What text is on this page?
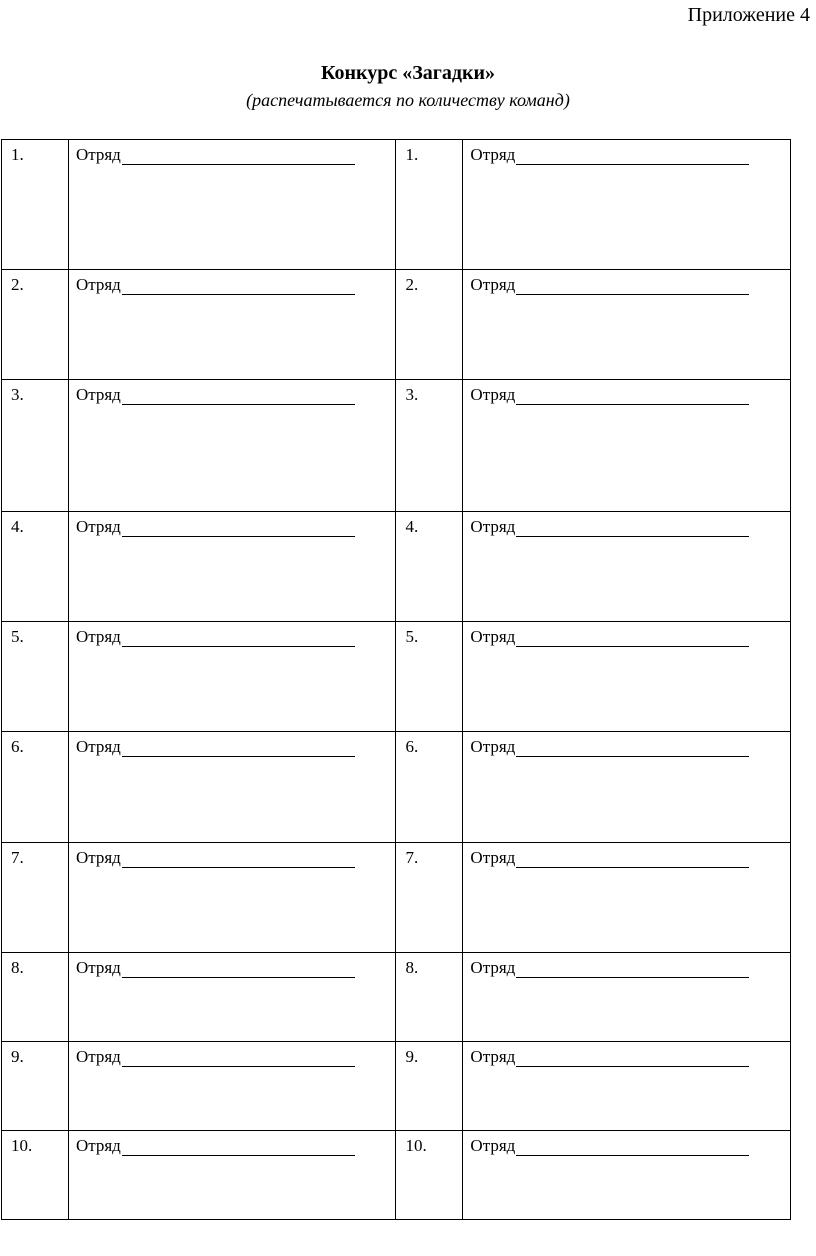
Приложение 4
Конкурс «Загадки»
(распечатывается по количеству команд)
1.	Отряд	1.	Отряд

2.	Отряд	2.	Отряд

3.	Отряд	3.	Отряд

4.	Отряд	4.	Отряд

5.	Отряд	5.	Отряд

6.	Отряд	6.	Отряд

7.	Отряд	7.	Отряд

8.	Отряд	8.	Отряд

9.	Отряд	9.	Отряд

10.	Отряд	10.	Отряд
